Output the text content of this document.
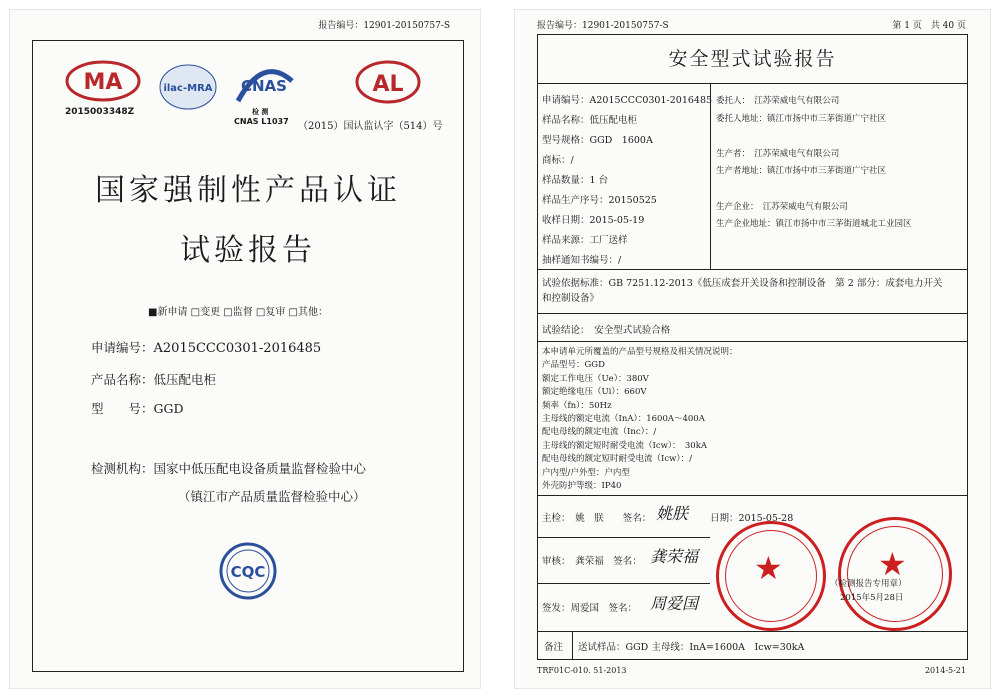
报告编号：12901-20150757-S
MA
2015003348Z
ilac-MRA CNAS
检 测
CNAS L1037
AL
（2015）国认监认字（514）号
国家强制性产品认证
试验报告
■新申请 □变更 □监督 □复审 □其他：
申请编号：A2015CCC0301-2016485
产品名称：低压配电柜
型　　号：GGD
检测机构：国家中低压配电设备质量监督检验中心
（镇江市产品质量监督检验中心）
CQC
报告编号：12901-20150757-S	第 1 页　共 40 页
安全型式试验报告
申请编号：A2015CCC0301-2016485
样品名称：低压配电柜
型号规格：GGD　1600A
商标：/
样品数量：1 台
样品生产序号：20150525
收样日期：2015-05-19
样品来源：工厂送样
抽样通知书编号：/
委托人：　江苏荣威电气有限公司
委托人地址：镇江市扬中市三茅街道广宁社区

生产者：　江苏荣威电气有限公司
生产者地址：镇江市扬中市三茅街道广宁社区

生产企业：　江苏荣威电气有限公司
生产企业地址：镇江市扬中市三茅街道城北工业园区
试验依据标准：GB 7251.12-2013《低压成套开关设备和控制设备　第 2 部分：成套电力开关
和控制设备》
试验结论：　安全型式试验合格
本申请单元所覆盖的产品型号规格及相关情况说明：
产品型号：GGD
额定工作电压（Ue）：380V
额定绝缘电压（Ui）：660V
频率（fn）：50Hz
主母线的额定电流（InA）：1600A～400A
配电母线的额定电流（Inc）：/
主母线的额定短时耐受电流（Icw）：　30kA
配电母线的额定短时耐受电流（Icw）：/
户内型/户外型：户内型
外壳防护等级：IP40
主检：　姚　朕　　签名： 姚朕 日期：2015-05-28
审核：　龚荣福　签名： 龚荣福
签发：周爱国　签名： 周爱国
★	★
（检测报告专用章）
2015年5月28日
备注 送试样品：GGD 主母线：InA=1600A　Icw=30kA
TRF01C-010. 51-2013	2014-5-21
